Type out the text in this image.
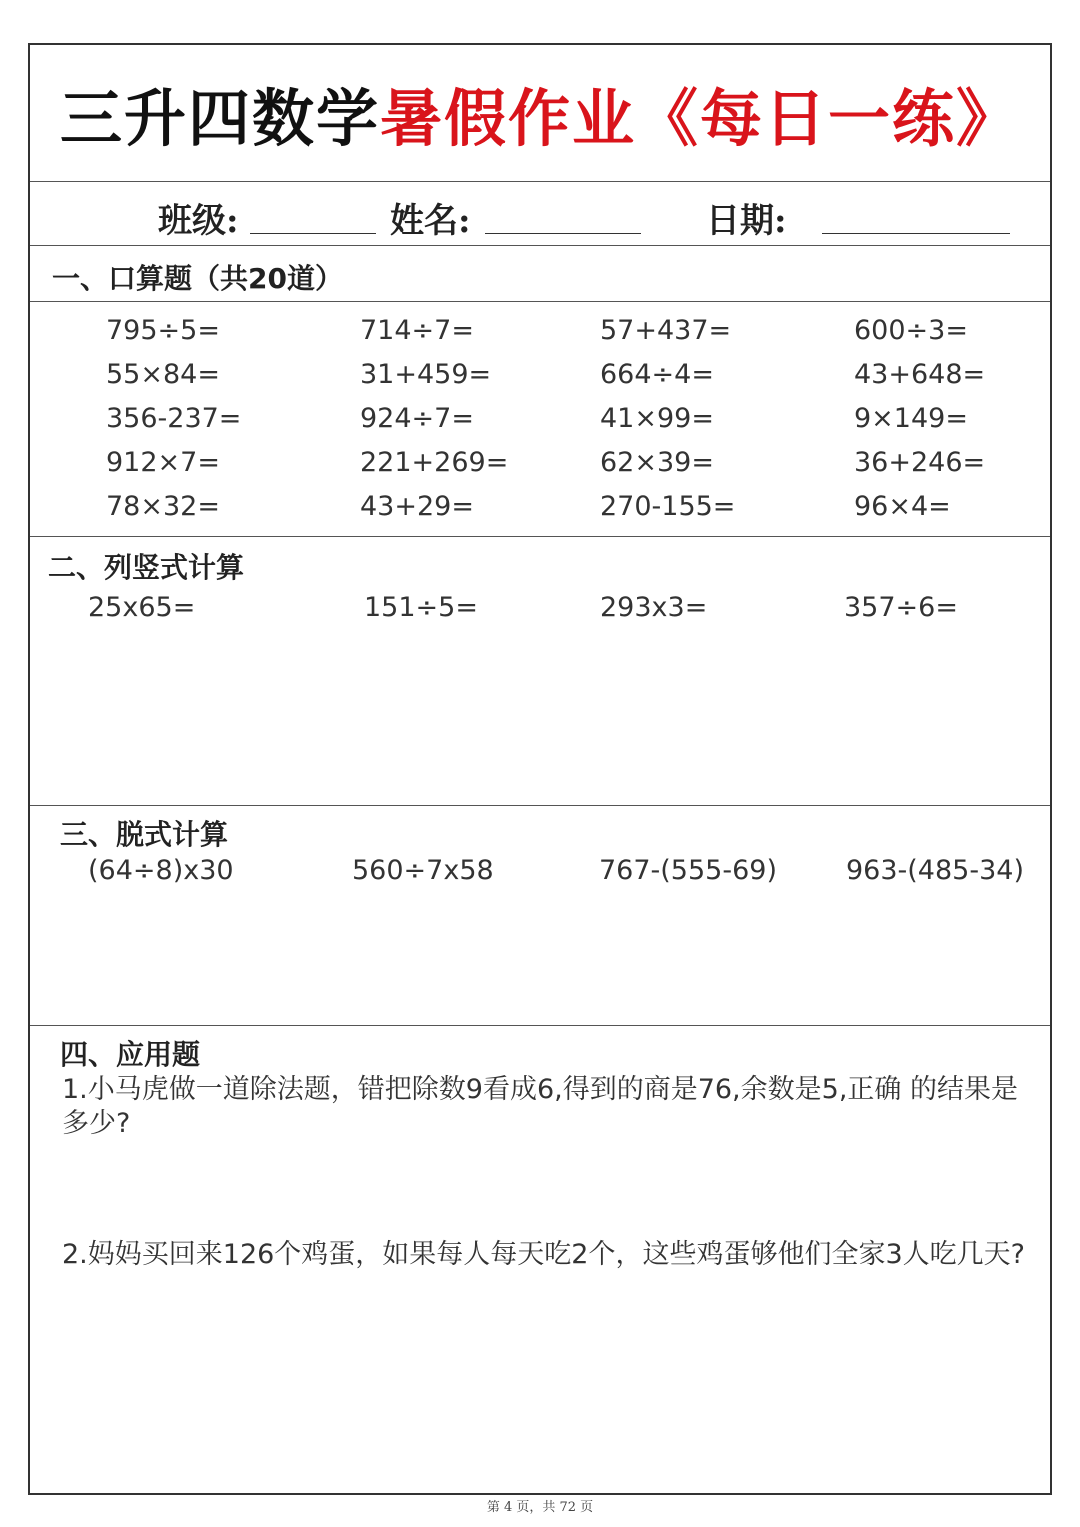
三升四数学暑假作业《每日一练》
班级:	姓名:	日期:
一、口算题（共20道）
795÷5=	714÷7=	57+437=	600÷3=
55×84=	31+459=	664÷4=	43+648=
356-237=	924÷7=	41×99=	9×149=
912×7=	221+269=	62×39=	36+246=
78×32=	43+29=	270-155=	96×4=
二、列竖式计算
25x65=	151÷5=	293x3=	357÷6=
三、脱式计算
(64÷8)x30	560÷7x58	767-(555-69)	963-(485-34)
四、应用题
1.小马虎做一道除法题，错把除数9看成6,得到的商是76,余数是5,正确 的结果是多少?
2.妈妈买回来126个鸡蛋，如果每人每天吃2个，这些鸡蛋够他们全家3人吃几天?
第 4 页，共 72 页
